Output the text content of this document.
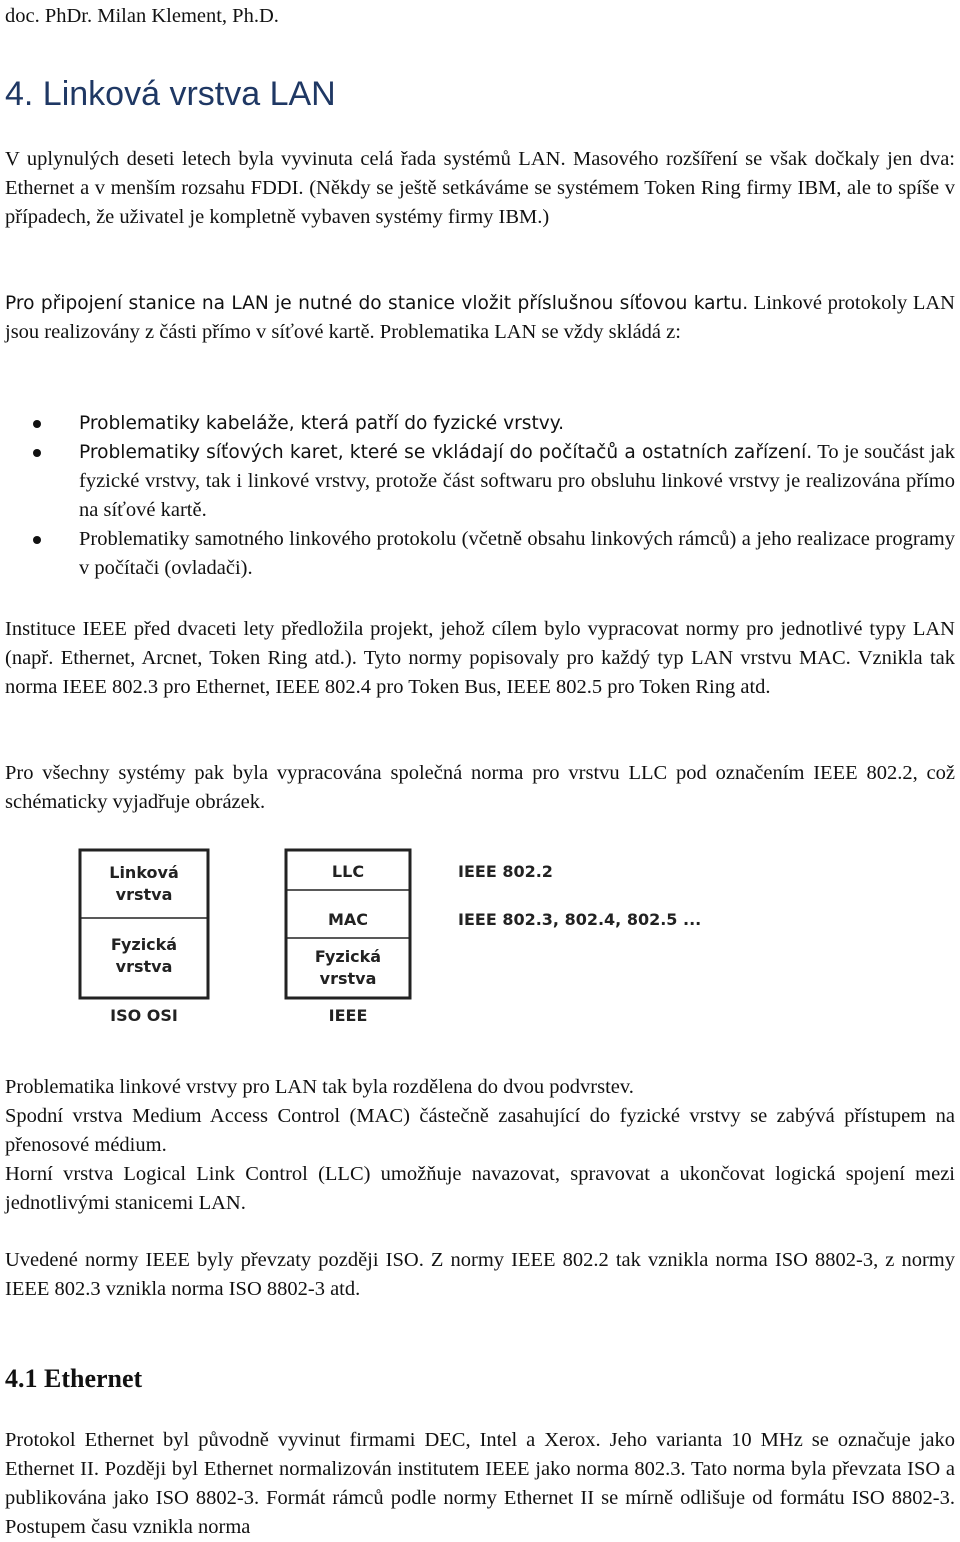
doc. PhDr. Milan Klement, Ph.D.
4. Linková vrstva LAN

V uplynulých deseti letech byla vyvinuta celá řada systémů LAN. Masového rozšíření se však dočkaly jen dva: Ethernet a v menším rozsahu FDDI. (Někdy se ještě setkáváme se systémem Token Ring firmy IBM, ale to spíše v případech, že uživatel je kompletně vybaven systémy firmy IBM.)

Pro připojení stanice na LAN je nutné do stanice vložit příslušnou síťovou kartu. Linkové protokoly LAN jsou realizovány z části přímo v síťové kartě. Problematika LAN se vždy skládá z:

Problematiky kabeláže, která patří do fyzické vrstvy.
Problematiky síťových karet, které se vkládají do počítačů a ostatních zařízení. To je součást jak fyzické vrstvy, tak i linkové vrstvy, protože část softwaru pro obsluhu linkové vrstvy je realizována přímo na síťové kartě.
Problematiky samotného linkového protokolu (včetně obsahu linkových rámců) a jeho realizace programy v počítači (ovladači).

Instituce IEEE před dvaceti lety předložila projekt, jehož cílem bylo vypracovat normy pro jednotlivé typy LAN (např. Ethernet, Arcnet, Token Ring atd.). Tyto normy popisovaly pro každý typ LAN vrstvu MAC. Vznikla tak norma IEEE 802.3 pro Ethernet, IEEE 802.4 pro Token Bus, IEEE 802.5 pro Token Ring atd.

Pro všechny systémy pak byla vypracována společná norma pro vrstvu LLC pod označením IEEE 802.2, což schématicky vyjadřuje obrázek.

Linková
vrstva
Fyzická
vrstva
ISO OSI
LLC
MAC
Fyzická
vrstva
IEEE
IEEE 802.2
IEEE 802.3, 802.4, 802.5 ...

Problematika linkové vrstvy pro LAN tak byla rozdělena do dvou podvrstev.

Spodní vrstva Medium Access Control (MAC) částečně zasahující do fyzické vrstvy se zabývá přístupem na přenosové médium.

Horní vrstva Logical Link Control (LLC) umožňuje navazovat, spravovat a ukončovat logická spojení mezi jednotlivými stanicemi LAN.

Uvedené normy IEEE byly převzaty později ISO. Z normy IEEE 802.2 tak vznikla norma ISO 8802-3, z normy IEEE 802.3 vznikla norma ISO 8802-3 atd.

4.1 Ethernet

Protokol Ethernet byl původně vyvinut firmami DEC, Intel a Xerox. Jeho varianta 10 MHz se označuje jako Ethernet II. Později byl Ethernet normalizován institutem IEEE jako norma 802.3. Tato norma byla převzata ISO a publikována jako ISO 8802-3. Formát rámců podle normy Ethernet II se mírně odlišuje od formátu ISO 8802-3. Postupem času vznikla norma
